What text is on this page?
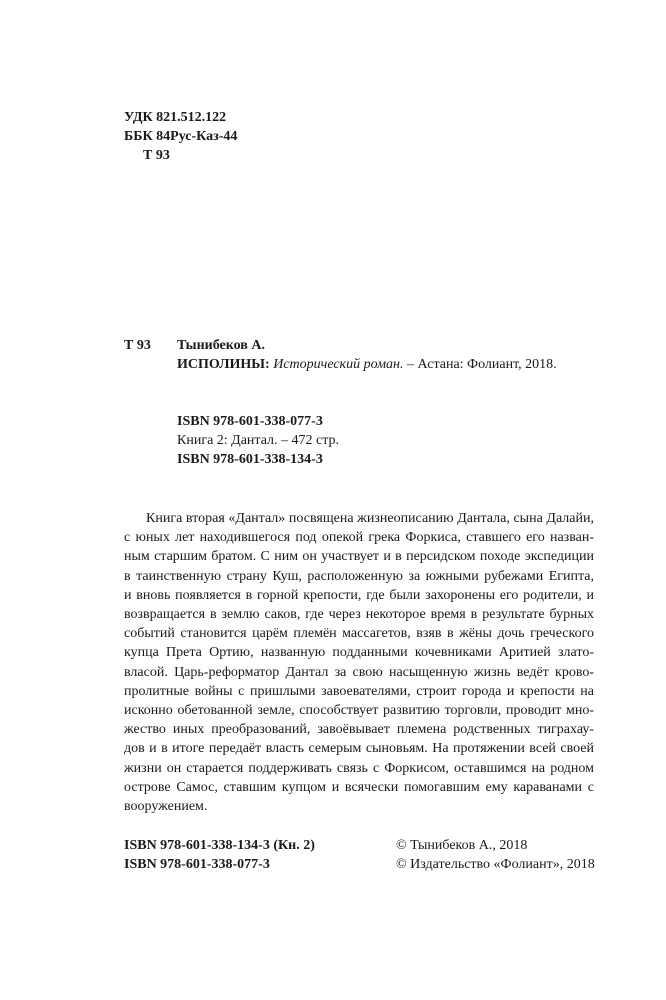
УДК 821.512.122
ББК 84Рус-Каз-44
Т 93
Т 93 Тынибеков А.
ИСПОЛИНЫ: Исторический роман. – Астана: Фолиант, 2018.
ISBN 978-601-338-077-3
Книга 2: Дантал. – 472 стр.
ISBN 978-601-338-134-3
Книга вторая «Дантал» посвящена жизнеописанию Дантала, сына Далайи,
с юных лет находившегося под опекой грека Форкиса, ставшего его назван-
ным старшим братом. С ним он участвует и в персидском походе экспедиции
в таинственную страну Куш, расположенную за южными рубежами Египта,
и вновь появляется в горной крепости, где были захоронены его родители, и
возвращается в землю саков, где через некоторое время в результате бурных
событий становится царём племён массагетов, взяв в жёны дочь греческого
купца Прета Ортию, названную подданными кочевниками Аритией злато-
власой. Царь-реформатор Дантал за свою насыщенную жизнь ведёт крово-
пролитные войны с пришлыми завоевателями, строит города и крепости на
исконно обетованной земле, способствует развитию торговли, проводит мно-
жество иных преобразований, завоёвывает племена родственных тиграхау-
дов и в итоге передаёт власть семерым сыновьям. На протяжении всей своей
жизни он старается поддерживать связь с Форкисом, оставшимся на родном
острове Самос, ставшим купцом и всячески помогавшим ему караванами с
вооружением.
ISBN 978-601-338-134-3 (Кн. 2)
ISBN 978-601-338-077-3
© Тынибеков А., 2018
© Издательство «Фолиант», 2018
